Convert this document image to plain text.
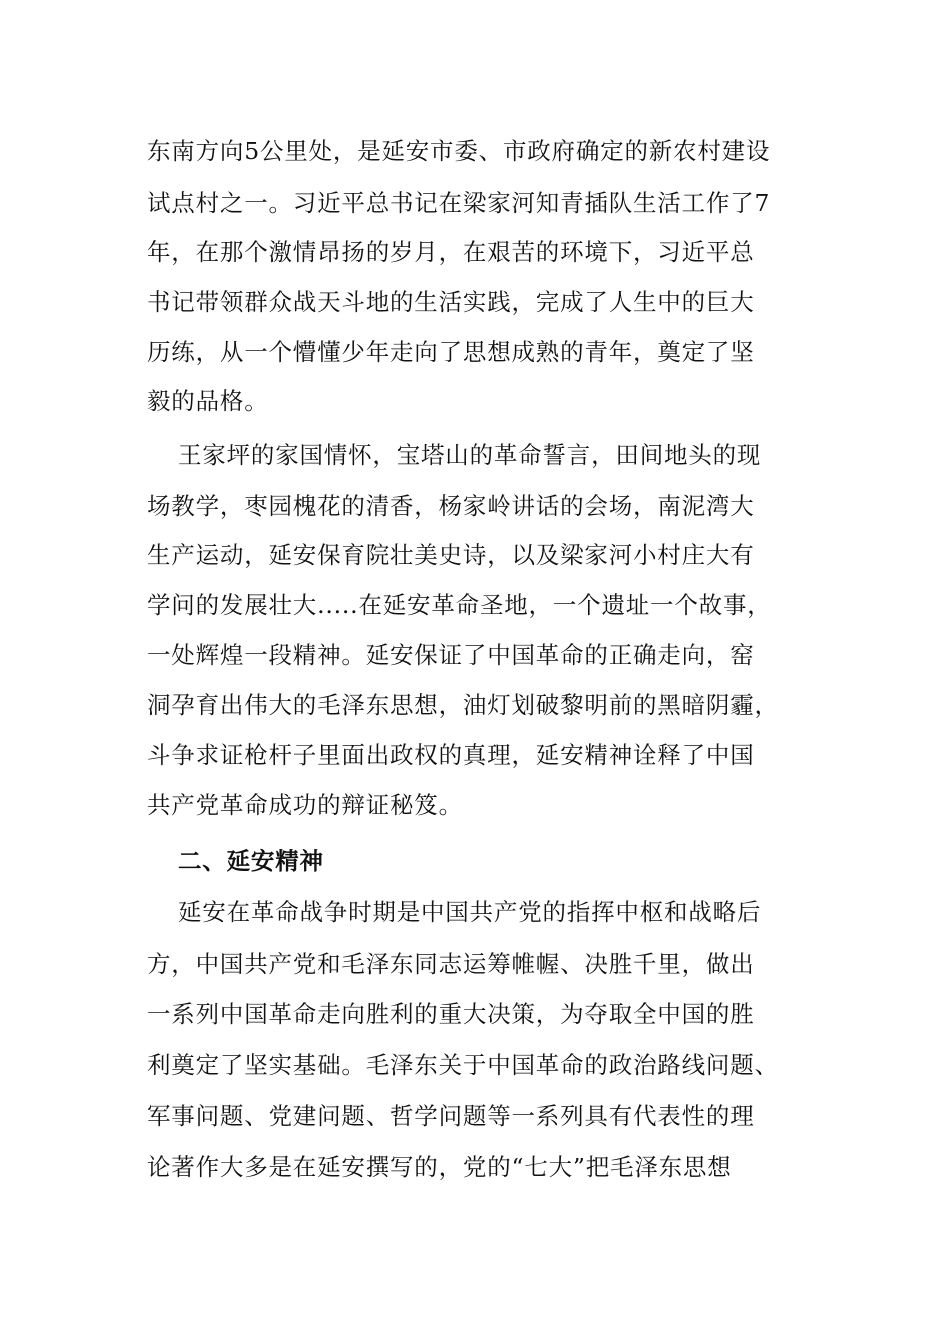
东南方向5公里处，是延安市委、市政府确定的新农村建设

试点村之一。习近平总书记在梁家河知青插队生活工作了7

年，在那个激情昂扬的岁月，在艰苦的环境下，习近平总

书记带领群众战天斗地的生活实践，完成了人生中的巨大

历练，从一个懵懂少年走向了思想成熟的青年，奠定了坚

毅的品格。

王家坪的家国情怀，宝塔山的革命誓言，田间地头的现

场教学，枣园槐花的清香，杨家岭讲话的会场，南泥湾大

生产运动，延安保育院壮美史诗，以及梁家河小村庄大有

学问的发展壮大.....在延安革命圣地，一个遗址一个故事，

一处辉煌一段精神。延安保证了中国革命的正确走向，窑

洞孕育出伟大的毛泽东思想，油灯划破黎明前的黑暗阴霾，

斗争求证枪杆子里面出政权的真理，延安精神诠释了中国

共产党革命成功的辩证秘笈。

二、延安精神

延安在革命战争时期是中国共产党的指挥中枢和战略后

方，中国共产党和毛泽东同志运筹帷幄、决胜千里，做出

一系列中国革命走向胜利的重大决策，为夺取全中国的胜

利奠定了坚实基础。毛泽东关于中国革命的政治路线问题、

军事问题、党建问题、哲学问题等一系列具有代表性的理

论著作大多是在延安撰写的，党的“七大”把毛泽东思想
